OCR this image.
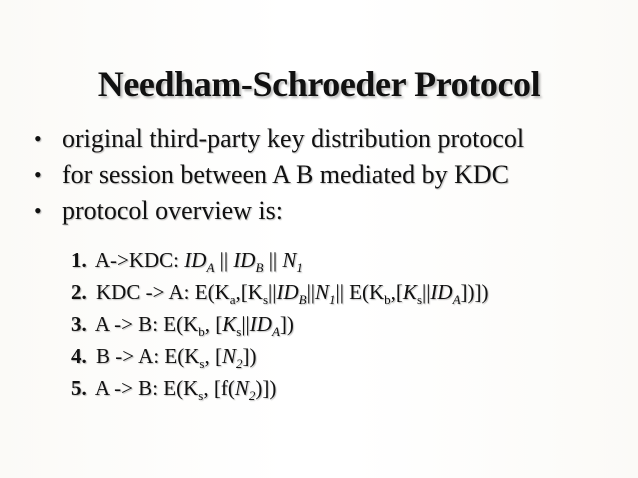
Needham-Schroeder Protocol
• original third-party key distribution protocol
• for session between A B mediated by KDC
• protocol overview is:
1. A->KDC: $ID_A$ || $ID_B$ || $N_1$
2. KDC -> A: $E(K_a,[K_s||ID_B||N_1||$ $E(K_b,[K_s||ID_A])$])
3. A -> B: $E(K_b$, $[K_s||ID_A]$)
4. B -> A: $E(K_s$, $[N_2]$)
5. A -> B: $E(K_s$, $[f(N_2)]$)
